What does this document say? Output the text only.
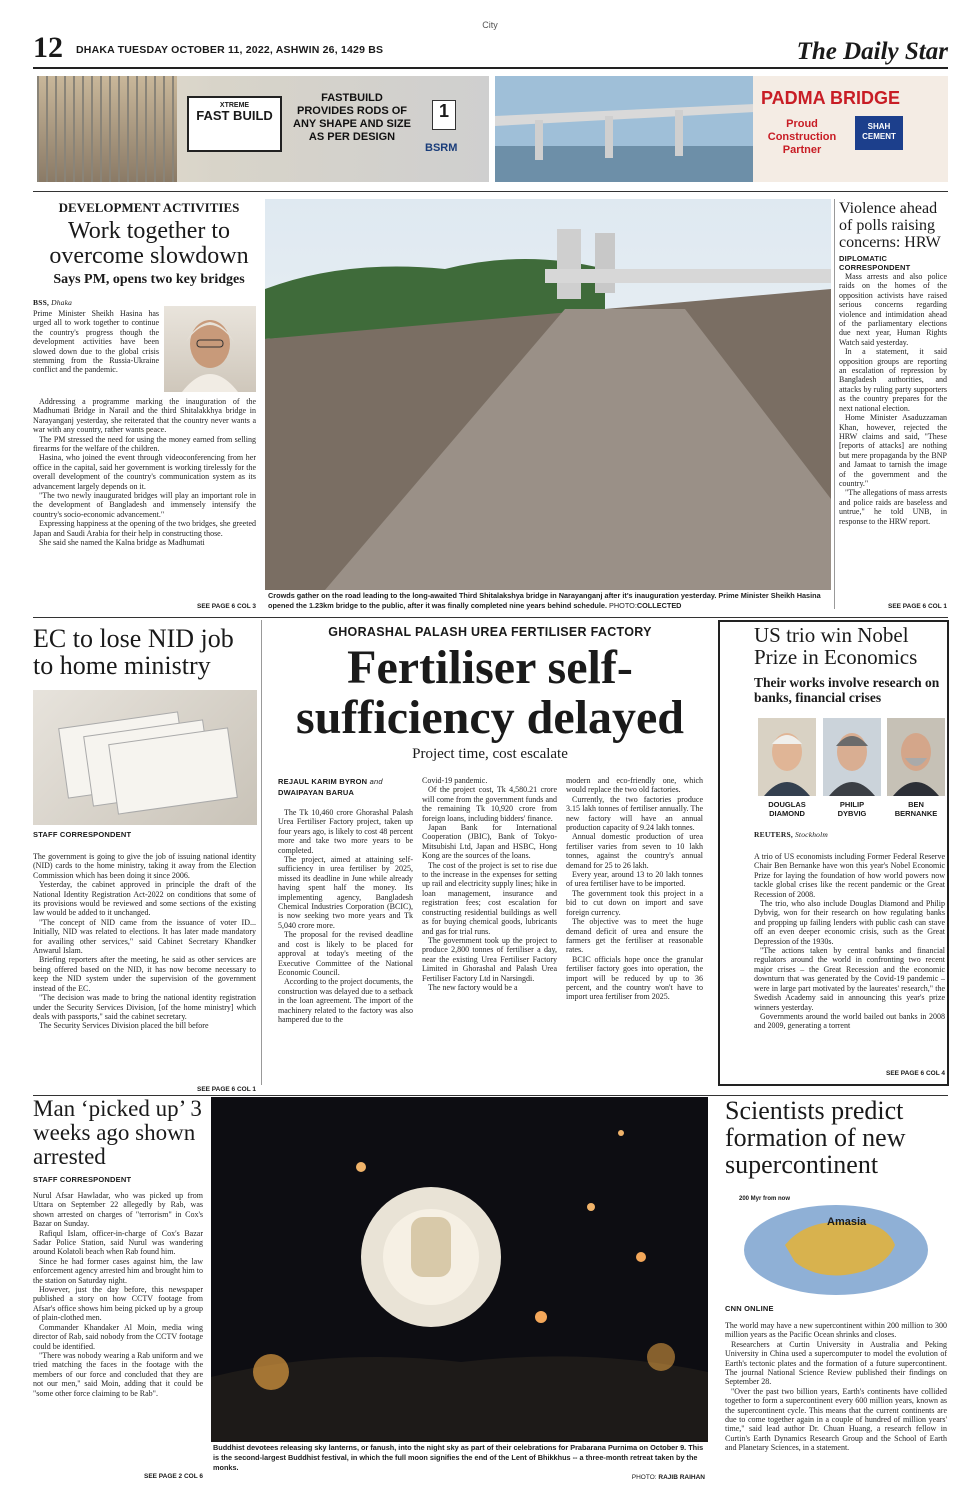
City
12 DHAKA TUESDAY OCTOBER 11, 2022, ASHWIN 26, 1429 BS	The Daily Star
XTREME
FAST BUILD
FASTBUILD PROVIDES RODS OF ANY SHAPE AND SIZE AS PER DESIGN
1
BSRM
PADMA BRIDGE
Proud Construction Partner
SHAH CEMENT
DEVELOPMENT ACTIVITIES
Work together to overcome slowdown
Says PM, opens two key bridges
BSS, Dhaka
Prime Minister Sheikh Hasina has urged all to work together to continue the country's progress though the development activities have been slowed down due to the global crisis stemming from the Russia-Ukraine conflict and the pandemic.

Addressing a programme marking the inauguration of the Madhumati Bridge in Narail and the third Shitalakkhya bridge in Narayanganj yesterday, she reiterated that the country never wants a war with any country, rather wants peace.

The PM stressed the need for using the money earned from selling firearms for the welfare of the children.

Hasina, who joined the event through videoconferencing from her office in the capital, said her government is working tirelessly for the overall development of the country's communication system as its advancement largely depends on it.

"The two newly inaugurated bridges will play an important role in the development of Bangladesh and immensely intensify the country's socio-economic advancement."

Expressing happiness at the opening of the two bridges, she greeted Japan and Saudi Arabia for their help in constructing those.

She said she named the Kalna bridge as Madhumati

SEE PAGE 6 COL 3
Crowds gather on the road leading to the long-awaited Third Shitalakshya bridge in Narayanganj after it's inauguration yesterday. Prime Minister Sheikh Hasina opened the 1.23km bridge to the public, after it was finally completed nine years behind schedule. PHOTO:COLLECTED
Violence ahead of polls raising concerns: HRW
DIPLOMATIC CORRESPONDENT

Mass arrests and also police raids on the homes of the opposition activists have raised serious concerns regarding violence and intimidation ahead of the parliamentary elections due next year, Human Rights Watch said yesterday.

In a statement, it said opposition groups are reporting an escalation of repression by Bangladesh authorities, and attacks by ruling party supporters as the country prepares for the next national election.

Home Minister Asaduzzaman Khan, however, rejected the HRW claims and said, "These [reports of attacks] are nothing but mere propaganda by the BNP and Jamaat to tarnish the image of the government and the country."

"The allegations of mass arrests and police raids are baseless and untrue," he told UNB, in response to the HRW report.

SEE PAGE 6 COL 1
EC to lose NID job to home ministry
STAFF CORRESPONDENT

The government is going to give the job of issuing national identity (NID) cards to the home ministry, taking it away from the Election Commission which has been doing it since 2006.

Yesterday, the cabinet approved in principle the draft of the National Identity Registration Act-2022 on conditions that some of its provisions would be reviewed and some sections of the existing law would be added to it unchanged.

"The concept of NID came from the issuance of voter ID... Initially, NID was related to elections. It has later made mandatory for availing other services," said Cabinet Secretary Khandker Anwarul Islam.

Briefing reporters after the meeting, he said as other services are being offered based on the NID, it has now become necessary to keep the NID system under the supervision of the government instead of the EC.

"The decision was made to bring the national identity registration under the Security Services Division, [of the home ministry] which deals with passports," said the cabinet secretary.

The Security Services Division placed the bill before

SEE PAGE 6 COL 1
GHORASHAL PALASH UREA FERTILISER FACTORY
Fertiliser self-sufficiency delayed
Project time, cost escalate
REJAUL KARIM BYRON and
DWAIPAYAN BARUA

The Tk 10,460 crore Ghorashal Palash Urea Fertiliser Factory project, taken up four years ago, is likely to cost 48 percent more and take two more years to be completed.

The project, aimed at attaining self-sufficiency in urea fertiliser by 2025, missed its deadline in June while already having spent half the money. Its implementing agency, Bangladesh Chemical Industries Corporation (BCIC), is now seeking two more years and Tk 5,040 crore more.

The proposal for the revised deadline and cost is likely to be placed for approval at today's meeting of the Executive Committee of the National Economic Council.

According to the project documents, the construction was delayed due to a setback in the loan agreement. The import of the machinery related to the factory was also hampered due to the

Covid-19 pandemic.

Of the project cost, Tk 4,580.21 crore will come from the government funds and the remaining Tk 10,920 crore from foreign loans, including bidders' finance.

Japan Bank for International Cooperation (JBIC), Bank of Tokyo-Mitsubishi Ltd, Japan and HSBC, Hong Kong are the sources of the loans.

The cost of the project is set to rise due to the increase in the expenses for setting up rail and electricity supply lines; hike in loan management, insurance and registration fees; cost escalation for constructing residential buildings as well as for buying chemical goods, lubricants and gas for trial runs.

The government took up the project to produce 2,800 tonnes of fertiliser a day, near the existing Urea Fertiliser Factory Limited in Ghorashal and Palash Urea Fertiliser Factory Ltd in Narsingdi.

The new factory would be a

modern and eco-friendly one, which would replace the two old factories.

Currently, the two factories produce 3.15 lakh tonnes of fertiliser annually. The new factory will have an annual production capacity of 9.24 lakh tonnes.

Annual domestic production of urea fertiliser varies from seven to 10 lakh tonnes, against the country's annual demand for 25 to 26 lakh.

Every year, around 13 to 20 lakh tonnes of urea fertiliser have to be imported.

The government took this project in a bid to cut down on import and save foreign currency.

The objective was to meet the huge demand deficit of urea and ensure the farmers get the fertiliser at reasonable rates.

BCIC officials hope once the granular fertiliser factory goes into operation, the import will be reduced by up to 36 percent, and the country won't have to import urea fertiliser from 2025.

US trio win Nobel Prize in Economics
Their works involve research on banks, financial crises
DOUGLAS
DIAMOND
PHILIP
DYBVIG
BEN
BERNANKE
REUTERS, Stockholm

A trio of US economists including Former Federal Reserve Chair Ben Bernanke have won this year's Nobel Economic Prize for laying the foundation of how world powers now tackle global crises like the recent pandemic or the Great Recession of 2008.

The trio, who also include Douglas Diamond and Philip Dybvig, won for their research on how regulating banks and propping up failing lenders with public cash can stave off an even deeper economic crisis, such as the Great Depression of the 1930s.

"The actions taken by central banks and financial regulators around the world in confronting two recent major crises – the Great Recession and the economic downturn that was generated by the Covid-19 pandemic – were in large part motivated by the laureates' research," the Swedish Academy said in announcing this year's prize winners yesterday.

Governments around the world bailed out banks in 2008 and 2009, generating a torrent

SEE PAGE 6 COL 4
Man ‘picked up’ 3 weeks ago shown arrested
STAFF CORRESPONDENT

Nurul Afsar Hawladar, who was picked up from Uttara on September 22 allegedly by Rab, was shown arrested on charges of "terrorism" in Cox's Bazar on Sunday.

Rafiqul Islam, officer-in-charge of Cox's Bazar Sadar Police Station, said Nurul was wandering around Kolatoli beach when Rab found him.

Since he had former cases against him, the law enforcement agency arrested him and brought him to the station on Saturday night.

However, just the day before, this newspaper published a story on how CCTV footage from Afsar's office shows him being picked up by a group of plain-clothed men.

Commander Khandaker Al Moin, media wing director of Rab, said nobody from the CCTV footage could be identified.

"There was nobody wearing a Rab uniform and we tried matching the faces in the footage with the members of our force and concluded that they are not our men," said Moin, adding that it could be "some other force claiming to be Rab".

SEE PAGE 2 COL 6
Buddhist devotees releasing sky lanterns, or fanush, into the night sky as part of their celebrations for Prabarana Purnima on October 9. This is the second-largest Buddhist festival, in which the full moon signifies the end of the Lent of Bhikkhus -- a three-month retreat taken by the monks.
PHOTO: RAJIB RAIHAN
Scientists predict formation of new supercontinent
200 Myr from now
Amasia
CNN ONLINE

The world may have a new supercontinent within 200 million to 300 million years as the Pacific Ocean shrinks and closes.

Researchers at Curtin University in Australia and Peking University in China used a supercomputer to model the evolution of Earth's tectonic plates and the formation of a future supercontinent. The journal National Science Review published their findings on September 28.

"Over the past two billion years, Earth's continents have collided together to form a supercontinent every 600 million years, known as the supercontinent cycle. This means that the current continents are due to come together again in a couple of hundred of million years' time," said lead author Dr. Chuan Huang, a research fellow in Curtin's Earth Dynamics Research Group and the School of Earth and Planetary Sciences, in a statement.
